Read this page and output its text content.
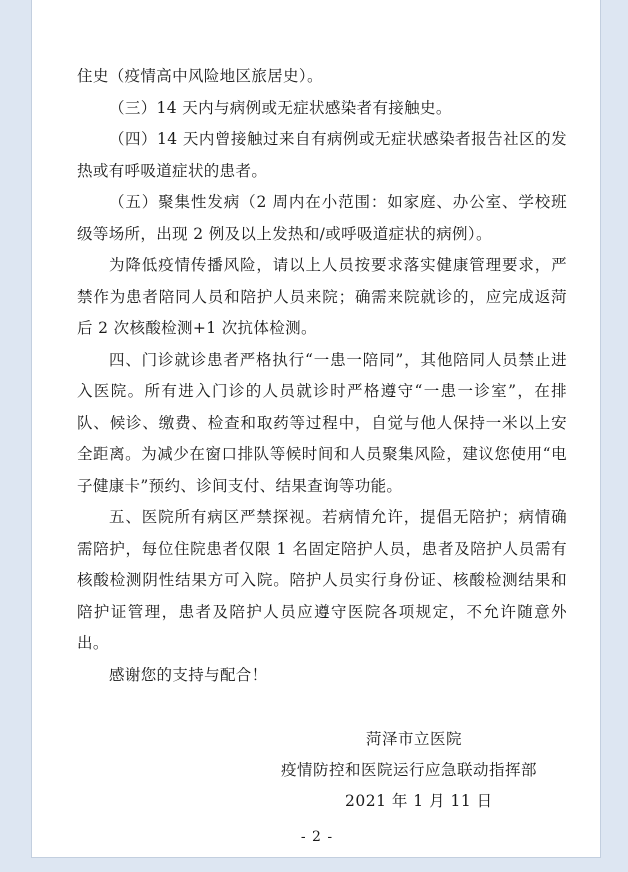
住史（疫情高中风险地区旅居史）。

（三）14 天内与病例或无症状感染者有接触史。

（四）14 天内曾接触过来自有病例或无症状感染者报告社区的发热或有呼吸道症状的患者。

（五）聚集性发病（2 周内在小范围：如家庭、办公室、学校班级等场所，出现 2 例及以上发热和/或呼吸道症状的病例）。

为降低疫情传播风险，请以上人员按要求落实健康管理要求，严禁作为患者陪同人员和陪护人员来院；确需来院就诊的，应完成返菏后 2 次核酸检测+1 次抗体检测。

四、门诊就诊患者严格执行“一患一陪同”，其他陪同人员禁止进入医院。所有进入门诊的人员就诊时严格遵守“一患一诊室”，在排队、候诊、缴费、检查和取药等过程中，自觉与他人保持一米以上安全距离。为减少在窗口排队等候时间和人员聚集风险，建议您使用“电子健康卡”预约、诊间支付、结果查询等功能。

五、医院所有病区严禁探视。若病情允许，提倡无陪护；病情确需陪护，每位住院患者仅限 1 名固定陪护人员，患者及陪护人员需有核酸检测阴性结果方可入院。陪护人员实行身份证、核酸检测结果和陪护证管理，患者及陪护人员应遵守医院各项规定，不允许随意外出。

感谢您的支持与配合！

菏泽市立医院
疫情防控和医院运行应急联动指挥部
2021 年 1 月 11 日
- 2 -
